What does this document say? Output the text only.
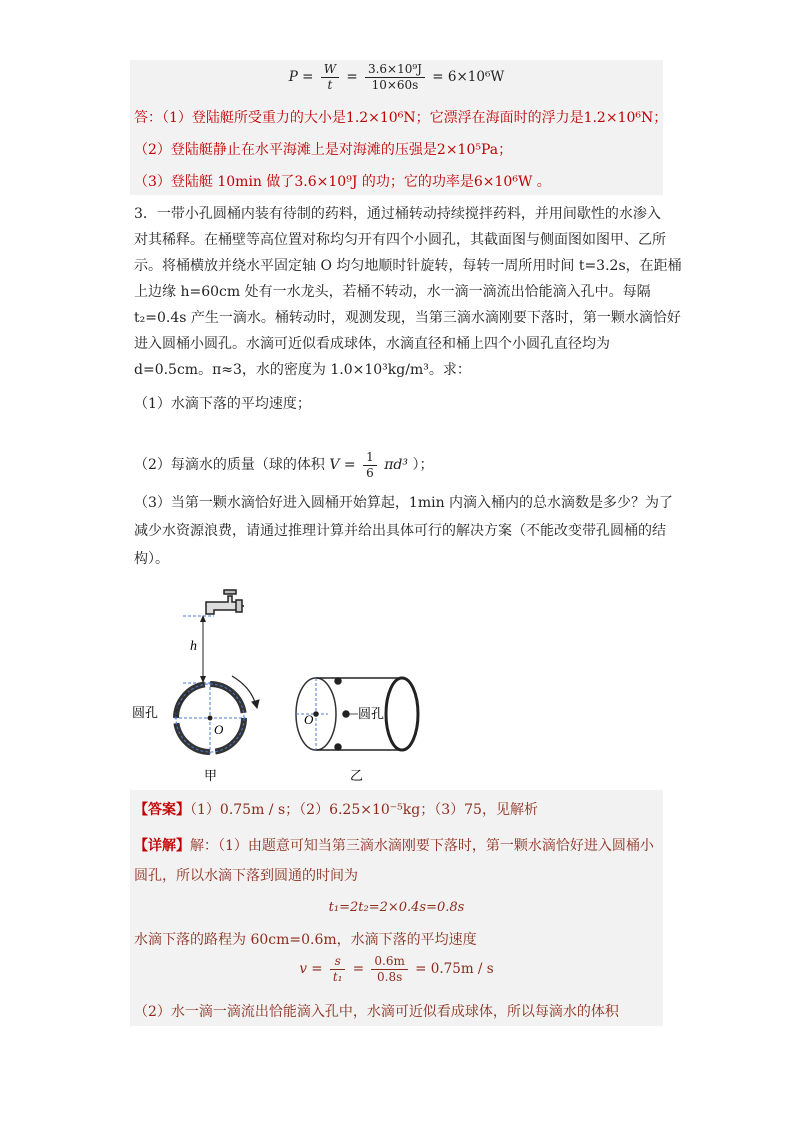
$P = \frac{W}{t} = \frac{\text{3.6×10⁹J}}{10\times 60s} = 6\times 10^6W$
答：（1）登陆艇所受重力的大小是1.2×10⁶N；它漂浮在海面时的浮力是1.2×10⁶N；
（2）登陆艇静止在水平海滩上是对海滩的压强是2×10⁵Pa；
（3）登陆艇 10min 做了3.6×10⁹J 的功；它的功率是6×10⁶W 。
3．一带小孔圆桶内装有待制的药料，通过桶转动持续搅拌药料，并用间歇性的水渗入
对其稀释。在桶壁等高位置对称均匀开有四个小圆孔，其截面图与侧面图如图甲、乙所
示。将桶横放并绕水平固定轴 O 均匀地顺时针旋转，每转一周所用时间 t=3.2s，在距桶
上边缘 h=60cm 处有一水龙头，若桶不转动，水一滴一滴流出恰能滴入孔中。每隔
t₂=0.4s 产生一滴水。桶转动时，观测发现，当第三滴水滴刚要下落时，第一颗水滴恰好
进入圆桶小圆孔。水滴可近似看成球体，水滴直径和桶上四个小圆孔直径均为
d=0.5cm。π≈3，水的密度为 1.0×10³kg/m³。求：
（1）水滴下落的平均速度；
（2）每滴水的质量（球的体积 $V = \frac{1}{6} \pi d^3$ ）；
（3）当第一颗水滴恰好进入圆桶开始算起，1min 内滴入桶内的总水滴数是多少？为了
减少水资源浪费，请通过推理计算并给出具体可行的解决方案（不能改变带孔圆桶的结
构）。
h
圆孔
O
甲
O	圆孔
乙
【答案】（1）0.75m / s；（2）6.25×10⁻⁵kg；（3）75，见解析
【详解】解：（1）由题意可知当第三滴水滴刚要下落时，第一颗水滴恰好进入圆桶小
圆孔，所以水滴下落到圆通的时间为
t₁=2t₂=2×0.4s=0.8s
水滴下落的路程为 60cm=0.6m，水滴下落的平均速度
$v = \frac{s}{\text{t₁}} = \frac{0.6m}{0.8s} = 0.75m / s$
（2）水一滴一滴流出恰能滴入孔中，水滴可近似看成球体，所以每滴水的体积
